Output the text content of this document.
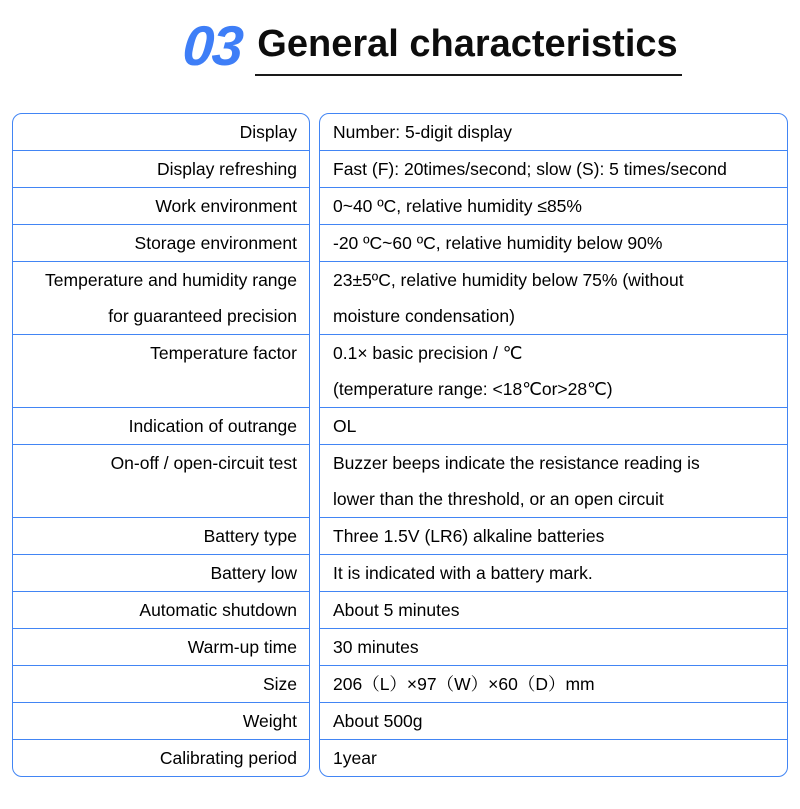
03 General characteristics
Display
Display refreshing
Work environment
Storage environment
Temperature and humidity range
for guaranteed precision
Temperature factor
Indication of outrange
On-off / open-circuit test
Battery type
Battery low
Automatic shutdown
Warm-up time
Size
Weight
Calibrating period
Number: 5-digit display
Fast (F): 20times/second; slow (S): 5 times/second
0~40 ºC, relative humidity ≤85%
-20 ºC~60 ºC, relative humidity below 90%
23±5ºC, relative humidity below 75% (without
moisture condensation)
0.1× basic precision / ℃
(temperature range: <18℃or>28℃)
OL
Buzzer beeps indicate the resistance reading is
lower than the threshold, or an open circuit
Three 1.5V (LR6) alkaline batteries
It is indicated with a battery mark.
About 5 minutes
30 minutes
206（L）×97（W）×60（D）mm
About 500g
1year
